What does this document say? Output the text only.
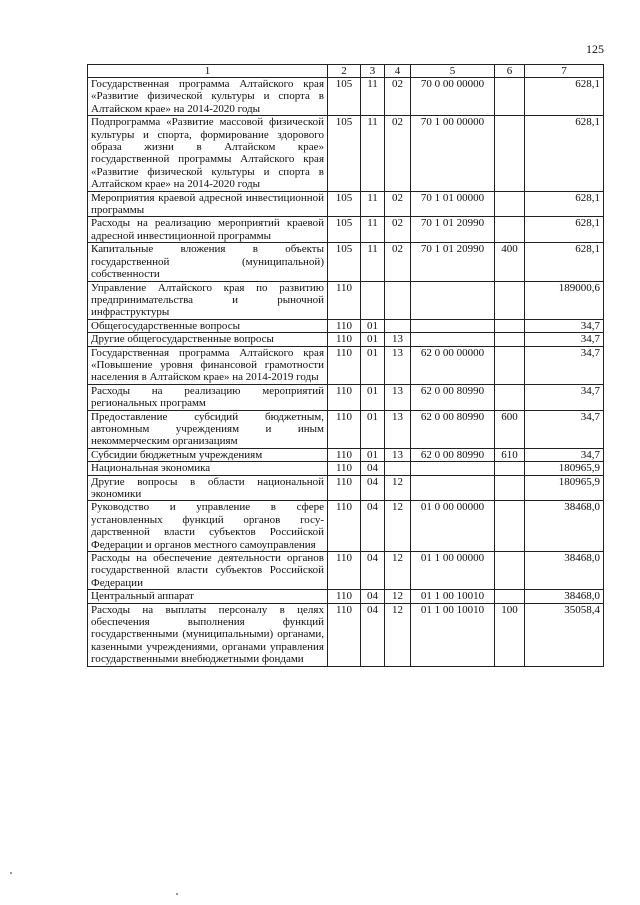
125
1	2	3	4	5	6	7
Государственная программа Алтайского края «Развитие физической культуры и спорта в Алтайском крае» на 2014-2020 годы	105	11	02	70 0 00 00000		628,1
Подпрограмма «Развитие массовой физической культуры и спорта, формирование здорового образа жизни в Алтайском крае» государственной программы Алтайского края «Развитие физической культуры и спорта в Алтайском крае» на 2014-2020 годы	105	11	02	70 1 00 00000		628,1
Мероприятия краевой адресной инвестиционной программы	105	11	02	70 1 01 00000		628,1
Расходы на реализацию мероприятий краевой адресной инвестиционной программы	105	11	02	70 1 01 20990		628,1
Капитальные вложения в объекты государственной (муниципальной) собственности	105	11	02	70 1 01 20990	400	628,1
Управление Алтайского края по развитию предпринимательства и рыночной инфраструктуры	110					189000,6
Общегосударственные вопросы	110	01				34,7
Другие общегосударственные вопросы	110	01	13			34,7
Государственная программа Алтайского края «Повышение уровня финансовой грамотности населения в Алтайском крае» на 2014-2019 годы	110	01	13	62 0 00 00000		34,7
Расходы на реализацию мероприятий региональных программ	110	01	13	62 0 00 80990		34,7
Предоставление субсидий бюджетным, автономным учреждениям и иным некоммерческим организациям	110	01	13	62 0 00 80990	600	34,7
Субсидии бюджетным учреждениям	110	01	13	62 0 00 80990	610	34,7
Национальная экономика	110	04				180965,9
Другие вопросы в области национальной экономики	110	04	12			180965,9
Руководство и управление в сфере установленных функций органов государственной власти субъектов Российской Федерации и органов местного самоуправления	110	04	12	01 0 00 00000		38468,0
Расходы на обеспечение деятельности органов государственной власти субъектов Российской Федерации	110	04	12	01 1 00 00000		38468,0
Центральный аппарат	110	04	12	01 1 00 10010		38468,0
Расходы на выплаты персоналу в целях обеспечения выполнения функций государственными (муниципальными) органами, казенными учреждениями, органами управления государственными внебюджетными фондами	110	04	12	01 1 00 10010	100	35058,4
